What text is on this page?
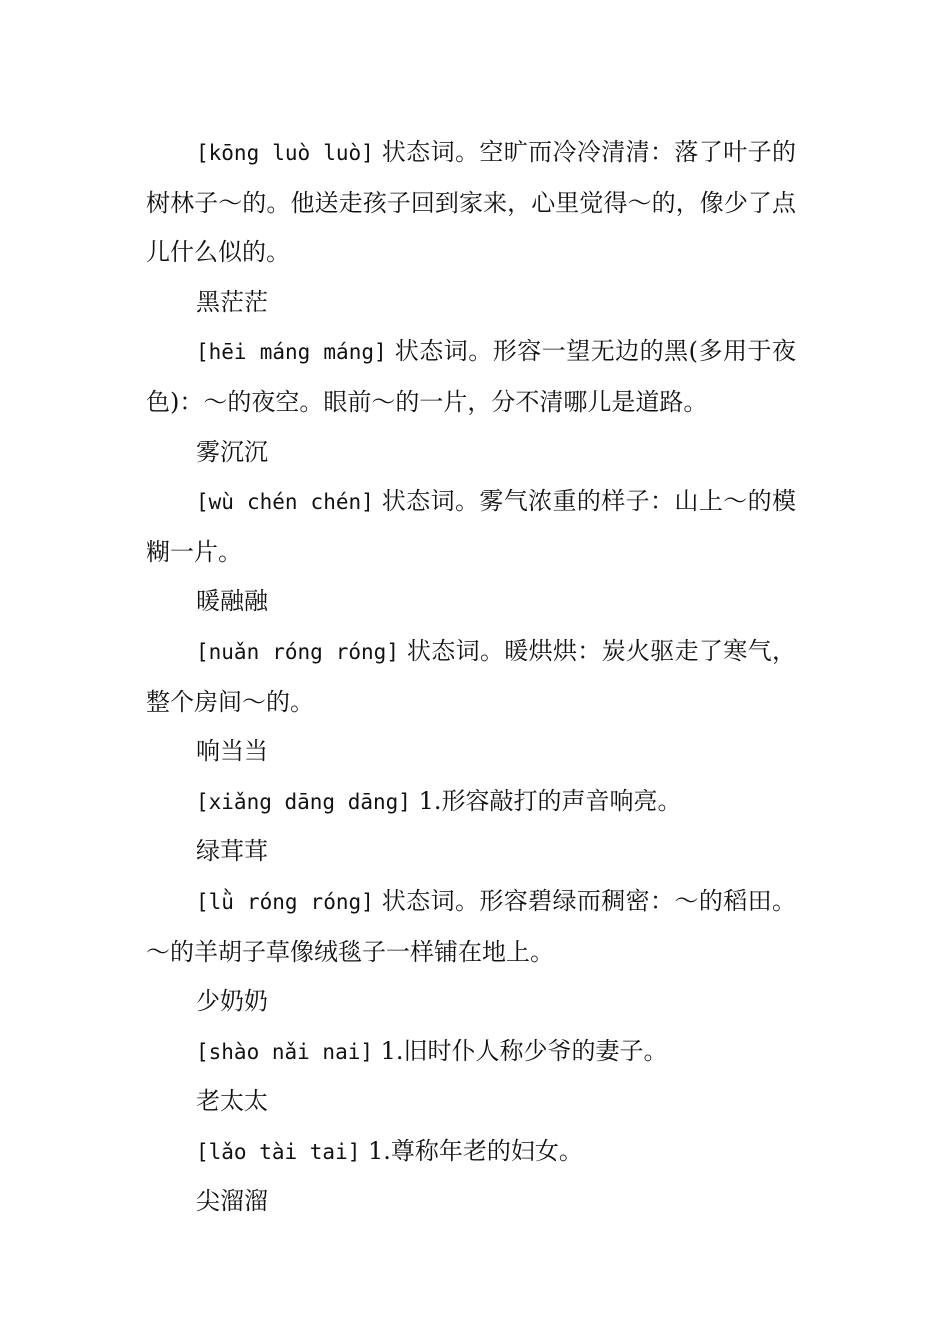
[kōng luò luò] 状态词。空旷而冷冷清清：落了叶子的树林子～的。他送走孩子回到家来，心里觉得～的，像少了点儿什么似的。

黑茫茫

[hēi máng máng] 状态词。形容一望无边的黑(多用于夜色)：～的夜空。眼前～的一片，分不清哪儿是道路。

雾沉沉

[wù chén chén] 状态词。雾气浓重的样子：山上～的模糊一片。

暖融融

[nuǎn róng róng] 状态词。暖烘烘：炭火驱走了寒气，整个房间～的。

响当当

[xiǎng dāng dāng] 1.形容敲打的声音响亮。

绿茸茸

[lǜ róng róng] 状态词。形容碧绿而稠密：～的稻田。～的羊胡子草像绒毯子一样铺在地上。

少奶奶

[shào nǎi nai] 1.旧时仆人称少爷的妻子。

老太太

[lǎo tài tai] 1.尊称年老的妇女。

尖溜溜
